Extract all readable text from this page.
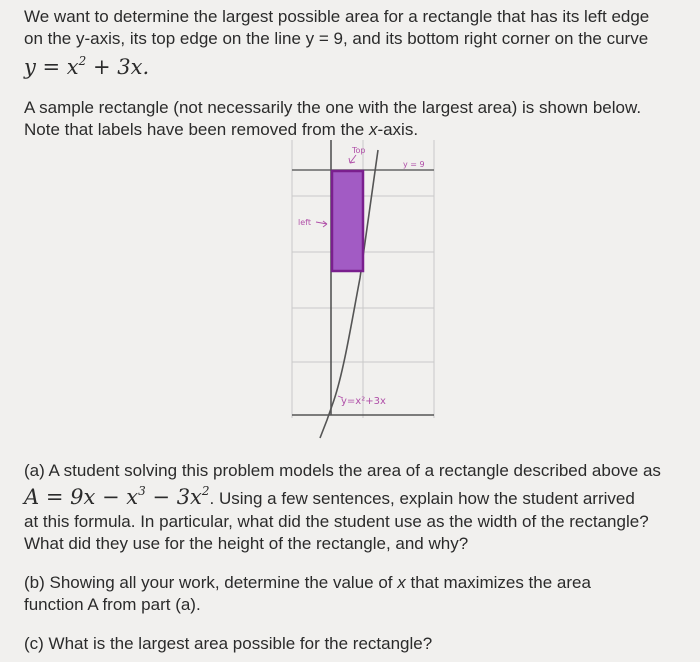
We want to determine the largest possible area for a rectangle that has its left edge

on the y-axis, its top edge on the line y = 9, and its bottom right corner on the curve

$y = x^2 + 3x$.

A sample rectangle (not necessarily the one with the largest area) is shown below.

Note that labels have been removed from the x-axis.

Top
y = 9
left
y=x²+3x

(a) A student solving this problem models the area of a rectangle described above as

$A = 9x - x^3 - 3x^2$. Using a few sentences, explain how the student arrived

at this formula. In particular, what did the student use as the width of the rectangle?

What did they use for the height of the rectangle, and why?

(b) Showing all your work, determine the value of x that maximizes the area

function A from part (a).

(c) What is the largest area possible for the rectangle?
